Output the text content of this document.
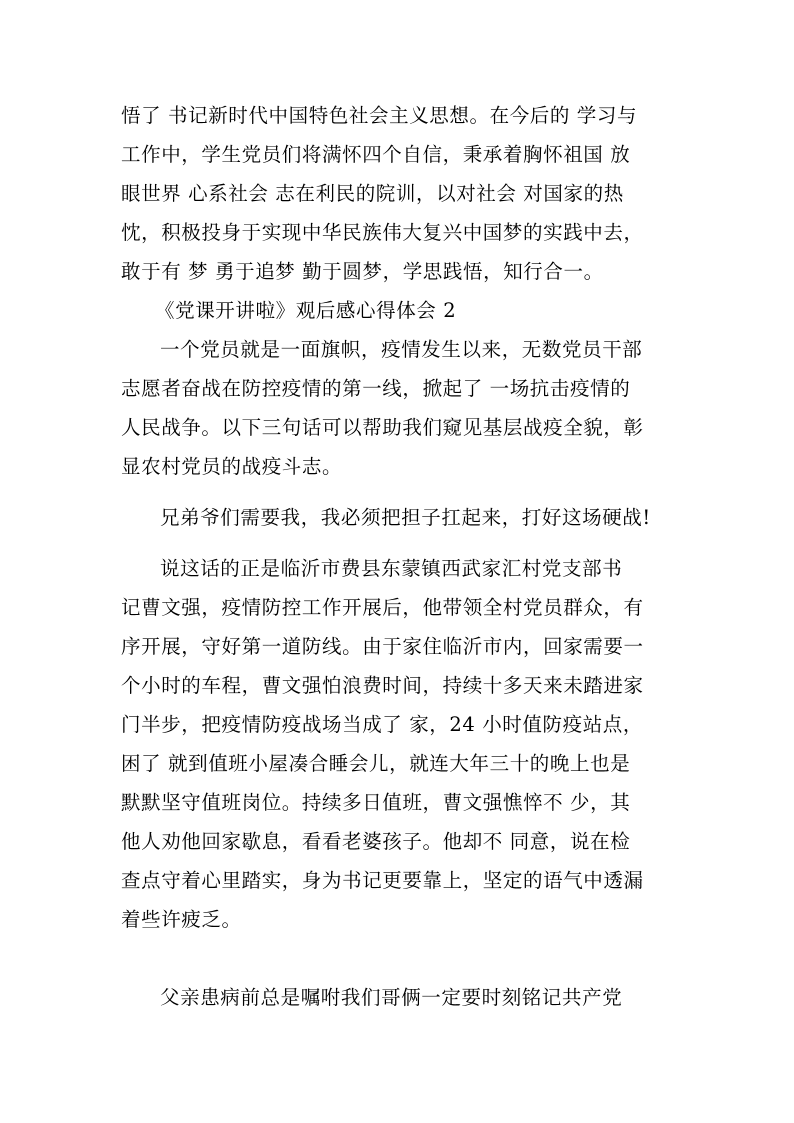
悟了 书记新时代中国特色社会主义思想。在今后的 学习与
工作中，学生党员们将满怀四个自信，秉承着胸怀祖国 放
眼世界 心系社会 志在利民的院训，以对社会 对国家的热
忱，积极投身于实现中华民族伟大复兴中国梦的实践中去，
敢于有 梦 勇于追梦 勤于圆梦，学思践悟，知行合一。
《党课开讲啦》观后感心得体会 2
一个党员就是一面旗帜，疫情发生以来，无数党员干部
志愿者奋战在防控疫情的第一线，掀起了 一场抗击疫情的
人民战争。以下三句话可以帮助我们窥见基层战疫全貌，彰
显农村党员的战疫斗志。
兄弟爷们需要我，我必须把担子扛起来，打好这场硬战!
说这话的正是临沂市费县东蒙镇西武家汇村党支部书
记曹文强，疫情防控工作开展后，他带领全村党员群众，有
序开展，守好第一道防线。由于家住临沂市内，回家需要一
个小时的车程，曹文强怕浪费时间，持续十多天来未踏进家
门半步，把疫情防疫战场当成了 家，24 小时值防疫站点，
困了 就到值班小屋凑合睡会儿，就连大年三十的晚上也是
默默坚守值班岗位。持续多日值班，曹文强憔悴不 少，其
他人劝他回家歇息，看看老婆孩子。他却不 同意，说在检
查点守着心里踏实，身为书记更要靠上，坚定的语气中透漏
着些许疲乏。
父亲患病前总是嘱咐我们哥俩一定要时刻铭记共产党
